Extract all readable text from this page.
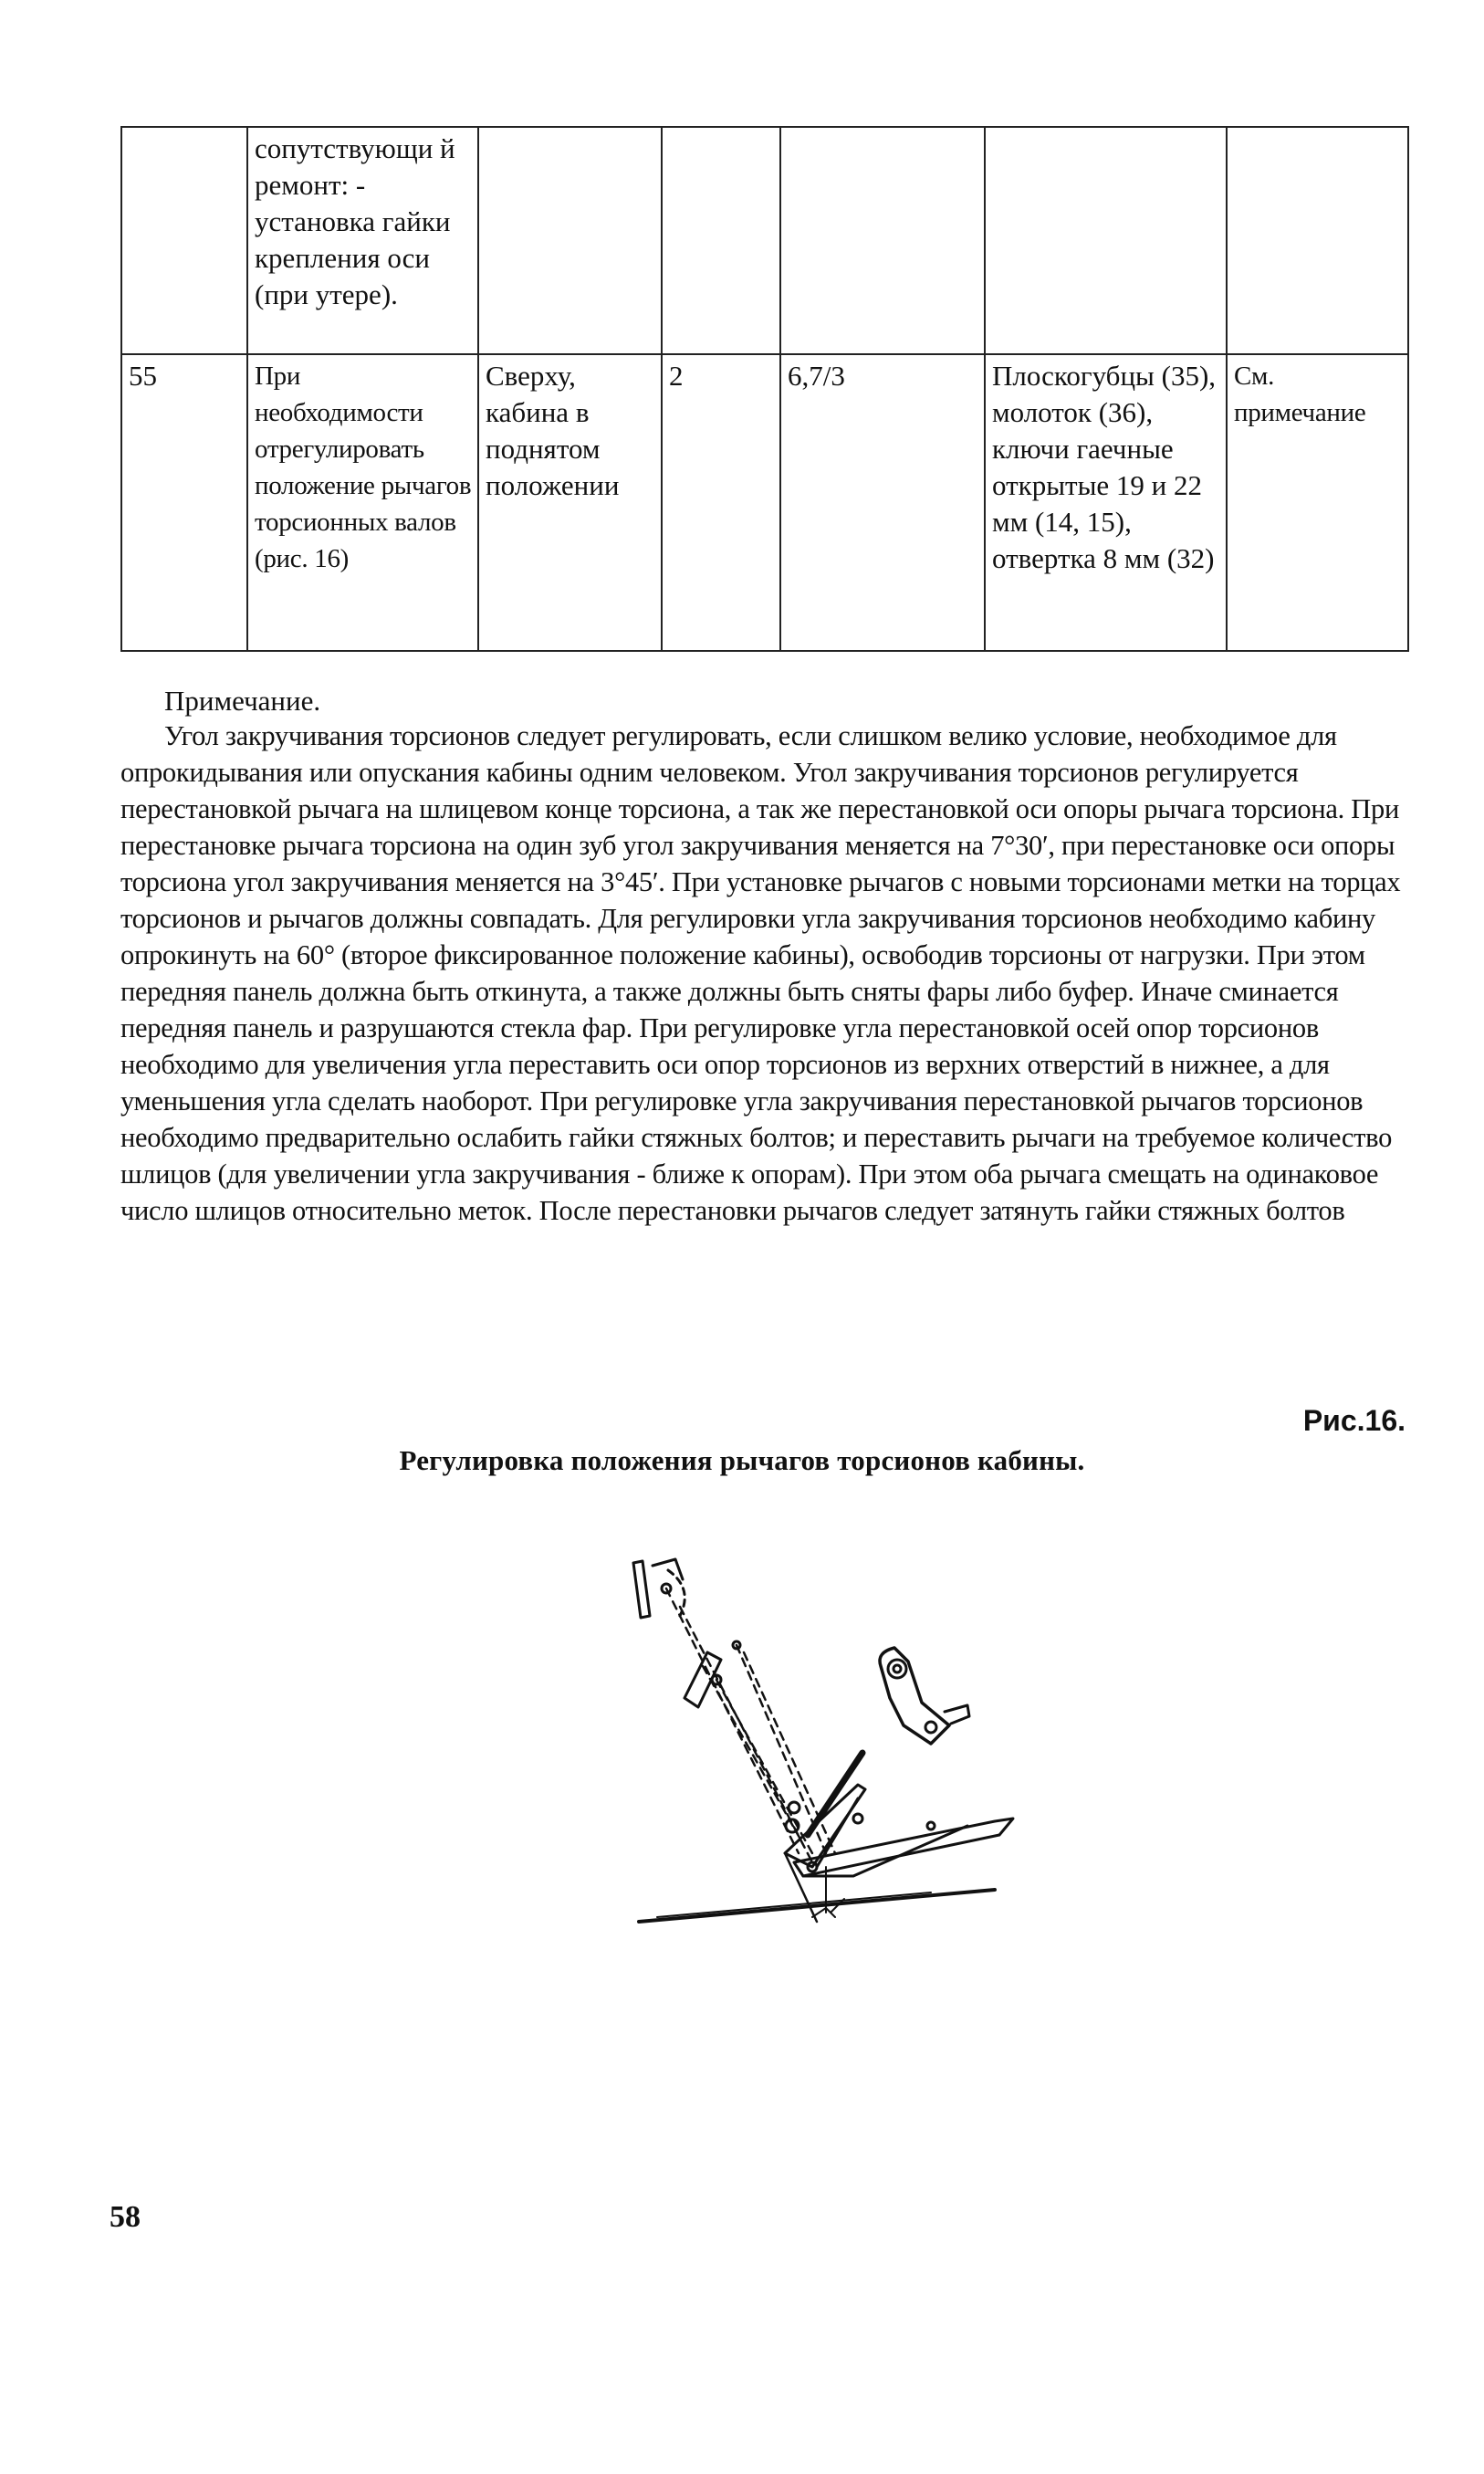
	сопутствующи й ремонт: - установка гайки крепления оси (при утере).					
55	При необходимости отрегулировать положение рычагов торсионных валов (рис. 16)	Сверху, кабина в поднятом положении	2	6,7/3	Плоскогубцы (35), молоток (36), ключи гаечные открытые 19 и 22 мм (14, 15), отвертка 8 мм (32)	См. примечание
Примечание.

Угол закручивания торсионов следует регулировать, если слишком велико условие, необходимое для опрокидывания или опускания кабины одним человеком. Угол закручивания торсионов регулируется перестановкой рычага на шлицевом конце торсиона, а так же перестановкой оси опоры рычага торсиона. При перестановке рычага торсиона на один зуб угол закручивания меняется на 7°30′, при перестановке оси опоры торсиона угол закручивания меняется на 3°45′. При установке рычагов с новыми торсионами метки на торцах торсионов и рычагов должны совпадать. Для регулировки угла закручивания торсионов необходимо кабину опрокинуть на 60° (второе фиксированное положение кабины), освободив торсионы от нагрузки. При этом передняя панель должна быть откинута, а также должны быть сняты фары либо буфер. Иначе сминается передняя панель и разрушаются стекла фар. При регулировке угла перестановкой осей опор торсионов необходимо для увеличения угла переставить оси опор торсионов из верхних отверстий в нижнее, а для уменьшения угла сделать наоборот. При регулировке угла закручивания перестановкой рычагов торсионов необходимо предварительно ослабить гайки стяжных болтов; и переставить рычаги на требуемое количество шлицов (для увеличении угла закручивания - ближе к опорам). При этом оба рычага смещать на одинаковое число шлицов относительно меток. После перестановки рычагов следует затянуть гайки стяжных болтов

Рис.16.
Регулировка положения рычагов торсионов кабины.
58
